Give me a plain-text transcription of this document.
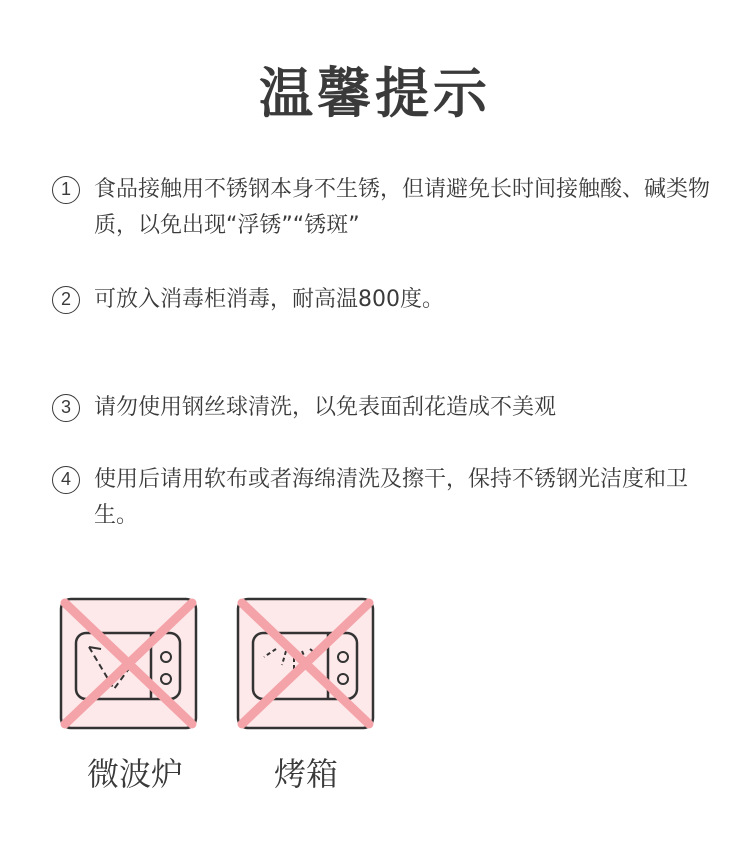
温馨提示
1	食品接触用不锈钢本身不生锈，但请避免长时间接触酸、碱类物质，以免出现“浮锈”“锈斑”
2	可放入消毒柜消毒，耐高温800度。
3	请勿使用钢丝球清洗，以免表面刮花造成不美观
4	使用后请用软布或者海绵清洗及擦干，保持不锈钢光洁度和卫生。
微波炉	烤箱
